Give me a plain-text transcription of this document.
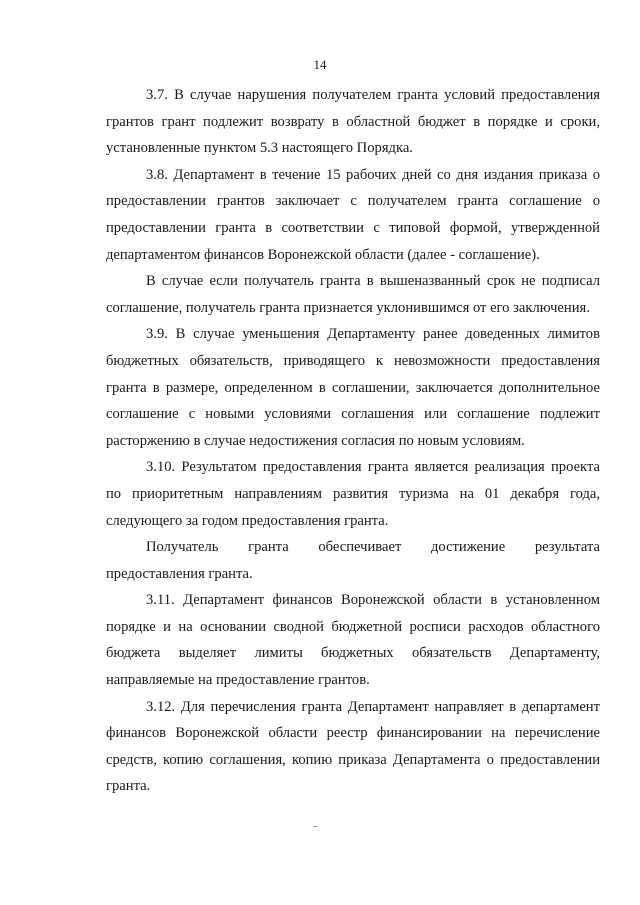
14

3.7. В случае нарушения получателем гранта условий предоставления грантов грант подлежит возврату в областной бюджет в порядке и сроки, установленные пунктом 5.3 настоящего Порядка.

3.8. Департамент в течение 15 рабочих дней со дня издания приказа о предоставлении грантов заключает с получателем гранта соглашение о предоставлении гранта в соответствии с типовой формой, утвержденной департаментом финансов Воронежской области (далее - соглашение).

В случае если получатель гранта в вышеназванный срок не подписал соглашение, получатель гранта признается уклонившимся от его заключения.

3.9. В случае уменьшения Департаменту ранее доведенных лимитов бюджетных обязательств, приводящего к невозможности предоставления гранта в размере, определенном в соглашении, заключается дополнительное соглашение с новыми условиями соглашения или соглашение подлежит расторжению в случае недостижения согласия по новым условиям.

3.10. Результатом предоставления гранта является реализация проекта по приоритетным направлениям развития туризма на 01 декабря года, следующего за годом предоставления гранта.

Получатель гранта обеспечивает достижение результата

предоставления гранта.

3.11. Департамент финансов Воронежской области в установленном порядке и на основании сводной бюджетной росписи расходов областного бюджета выделяет лимиты бюджетных обязательств Департаменту, направляемые на предоставление грантов.

3.12. Для перечисления гранта Департамент направляет в департамент финансов Воронежской области реестр финансировании на перечисление средств, копию соглашения, копию приказа Департамента о предоставлении гранта.
